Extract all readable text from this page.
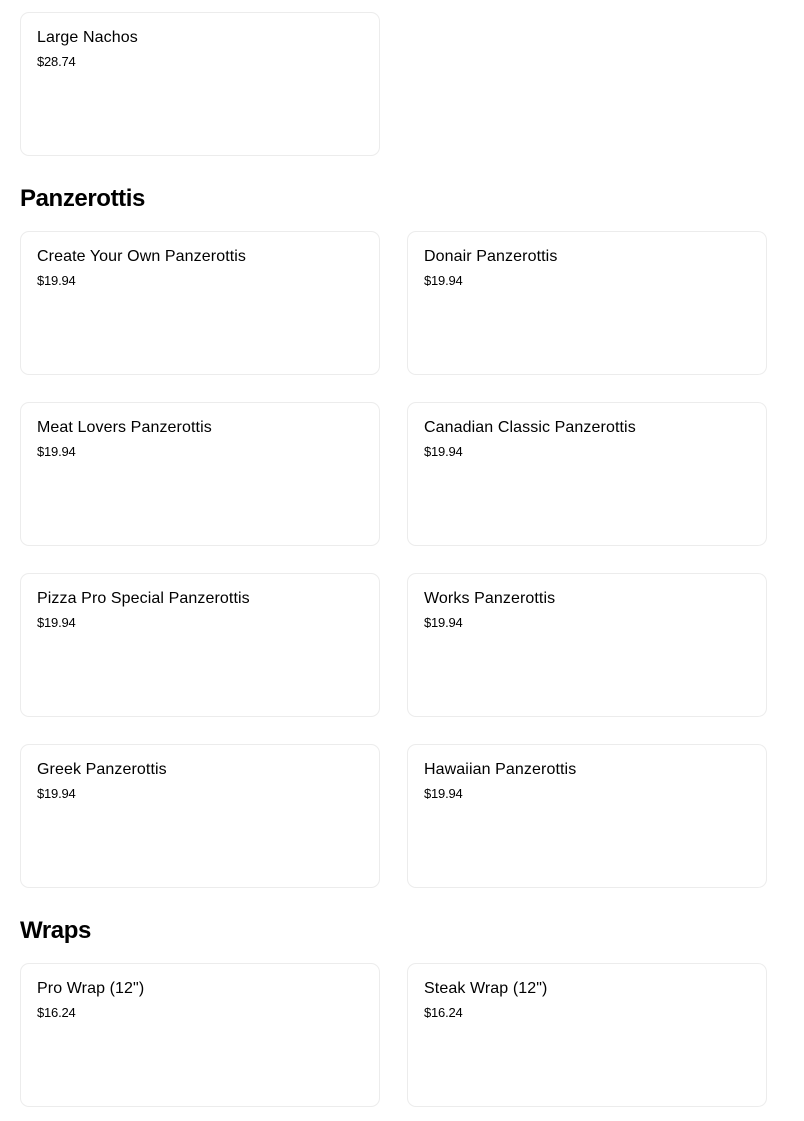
Large Nachos
$28.74
Panzerottis
Create Your Own Panzerottis
$19.94
Donair Panzerottis
$19.94
Meat Lovers Panzerottis
$19.94
Canadian Classic Panzerottis
$19.94
Pizza Pro Special Panzerottis
$19.94
Works Panzerottis
$19.94
Greek Panzerottis
$19.94
Hawaiian Panzerottis
$19.94
Wraps
Pro Wrap (12")
$16.24
Steak Wrap (12")
$16.24
